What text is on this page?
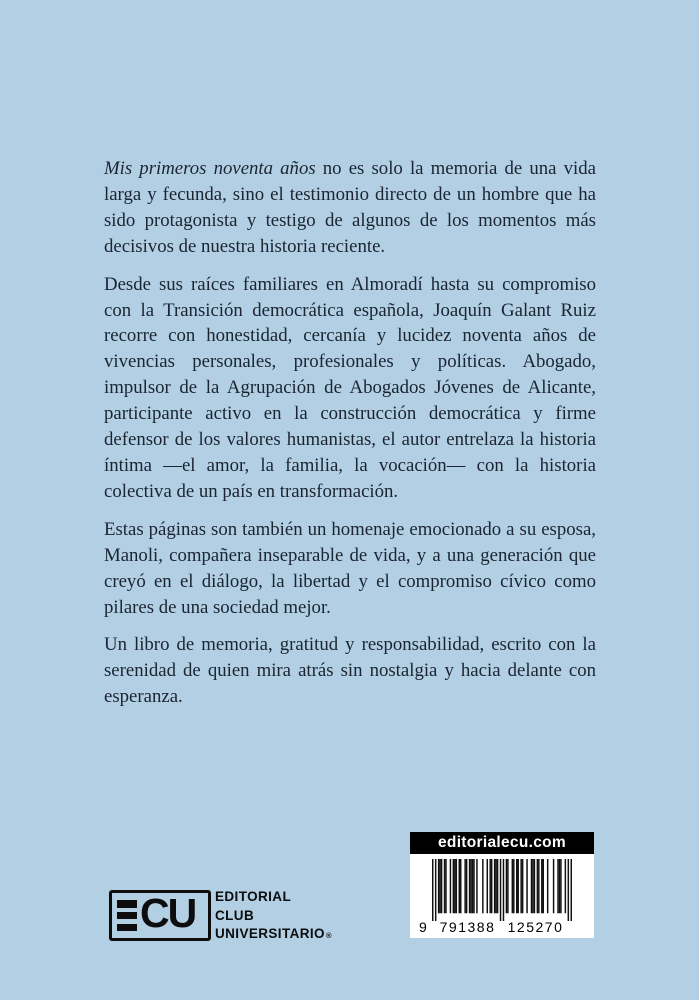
Mis primeros noventa años no es solo la memoria de una vida larga y fecunda, sino el testimonio directo de un hombre que ha sido protagonista y testigo de algunos de los momentos más decisivos de nuestra historia reciente.

Desde sus raíces familiares en Almoradí hasta su compromiso con la Transición democrática española, Joaquín Galant Ruiz recorre con honestidad, cercanía y lucidez noventa años de vivencias personales, profesionales y políticas. Abogado, impulsor de la Agrupación de Abogados Jóvenes de Alicante, participante activo en la construcción democrática y firme defensor de los valores humanistas, el autor entrelaza la historia íntima —el amor, la familia, la vocación— con la historia colectiva de un país en transformación.

Estas páginas son también un homenaje emocionado a su esposa, Manoli, compañera inseparable de vida, y a una generación que creyó en el diálogo, la libertad y el compromiso cívico como pilares de una sociedad mejor.

Un libro de memoria, gratitud y responsabilidad, escrito con la serenidad de quien mira atrás sin nostalgia y hacia delante con esperanza.

CU EDITORIAL
CLUB
UNIVERSITARIO®
editorialecu.com
9 791388 125270
